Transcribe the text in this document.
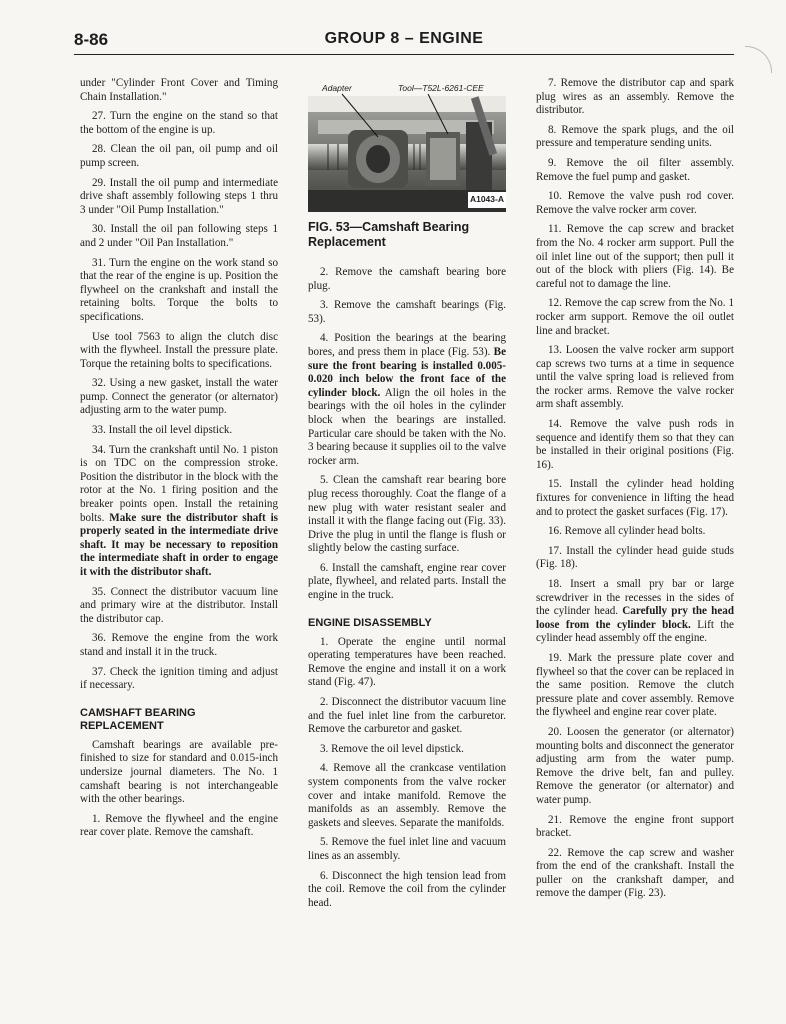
8-86	GROUP 8 – ENGINE

under "Cylinder Front Cover and Timing Chain Installation."

27. Turn the engine on the stand so that the bottom of the engine is up.

28. Clean the oil pan, oil pump and oil pump screen.

29. Install the oil pump and intermediate drive shaft assembly following steps 1 thru 3 under "Oil Pump Installation."

30. Install the oil pan following steps 1 and 2 under "Oil Pan Installation."

31. Turn the engine on the work stand so that the rear of the engine is up. Position the flywheel on the crankshaft and install the retaining bolts. Torque the bolts to specifications.

Use tool 7563 to align the clutch disc with the flywheel. Install the pressure plate. Torque the retaining bolts to specifications.

32. Using a new gasket, install the water pump. Connect the generator (or alternator) adjusting arm to the water pump.

33. Install the oil level dipstick.

34. Turn the crankshaft until No. 1 piston is on TDC on the compression stroke. Position the distributor in the block with the rotor at the No. 1 firing position and the breaker points open. Install the retaining bolts. Make sure the distributor shaft is properly seated in the intermediate drive shaft. It may be necessary to reposition the intermediate shaft in order to engage it with the distributor shaft.

35. Connect the distributor vacuum line and primary wire at the distributor. Install the distributor cap.

36. Remove the engine from the work stand and install it in the truck.

37. Check the ignition timing and adjust if necessary.

CAMSHAFT BEARING REPLACEMENT

Camshaft bearings are available pre-finished to size for standard and 0.015-inch undersize journal diameters. The No. 1 camshaft bearing is not interchangeable with the other bearings.

1. Remove the flywheel and the engine rear cover plate. Remove the camshaft.

Adapter	Tool—T52L-6261-CEE
A1043-A
FIG. 53—Camshaft Bearing Replacement

2. Remove the camshaft bearing bore plug.

3. Remove the camshaft bearings (Fig. 53).

4. Position the bearings at the bearing bores, and press them in place (Fig. 53). Be sure the front bearing is installed 0.005-0.020 inch below the front face of the cylinder block. Align the oil holes in the bearings with the oil holes in the cylinder block when the bearings are installed. Particular care should be taken with the No. 3 bearing because it supplies oil to the valve rocker arm.

5. Clean the camshaft rear bearing bore plug recess thoroughly. Coat the flange of a new plug with water resistant sealer and install it with the flange facing out (Fig. 33). Drive the plug in until the flange is flush or slightly below the casting surface.

6. Install the camshaft, engine rear cover plate, flywheel, and related parts. Install the engine in the truck.

ENGINE DISASSEMBLY

1. Operate the engine until normal operating temperatures have been reached. Remove the engine and install it on a work stand (Fig. 47).

2. Disconnect the distributor vacuum line and the fuel inlet line from the carburetor. Remove the carburetor and gasket.

3. Remove the oil level dipstick.

4. Remove all the crankcase ventilation system components from the valve rocker cover and intake manifold. Remove the manifolds as an assembly. Remove the gaskets and sleeves. Separate the manifolds.

5. Remove the fuel inlet line and vacuum lines as an assembly.

6. Disconnect the high tension lead from the coil. Remove the coil from the cylinder head.

7. Remove the distributor cap and spark plug wires as an assembly. Remove the distributor.

8. Remove the spark plugs, and the oil pressure and temperature sending units.

9. Remove the oil filter assembly. Remove the fuel pump and gasket.

10. Remove the valve push rod cover. Remove the valve rocker arm cover.

11. Remove the cap screw and bracket from the No. 4 rocker arm support. Pull the oil inlet line out of the support; then pull it out of the block with pliers (Fig. 14). Be careful not to damage the line.

12. Remove the cap screw from the No. 1 rocker arm support. Remove the oil outlet line and bracket.

13. Loosen the valve rocker arm support cap screws two turns at a time in sequence until the valve spring load is relieved from the rocker arms. Remove the valve rocker arm shaft assembly.

14. Remove the valve push rods in sequence and identify them so that they can be installed in their original positions (Fig. 16).

15. Install the cylinder head holding fixtures for convenience in lifting the head and to protect the gasket surfaces (Fig. 17).

16. Remove all cylinder head bolts.

17. Install the cylinder head guide studs (Fig. 18).

18. Insert a small pry bar or large screwdriver in the recesses in the sides of the cylinder head. Carefully pry the head loose from the cylinder block. Lift the cylinder head assembly off the engine.

19. Mark the pressure plate cover and flywheel so that the cover can be replaced in the same position. Remove the clutch pressure plate and cover assembly. Remove the flywheel and engine rear cover plate.

20. Loosen the generator (or alternator) mounting bolts and disconnect the generator adjusting arm from the water pump. Remove the drive belt, fan and pulley. Remove the generator (or alternator) and water pump.

21. Remove the engine front support bracket.

22. Remove the cap screw and washer from the end of the crankshaft. Install the puller on the crankshaft damper, and remove the damper (Fig. 23).
